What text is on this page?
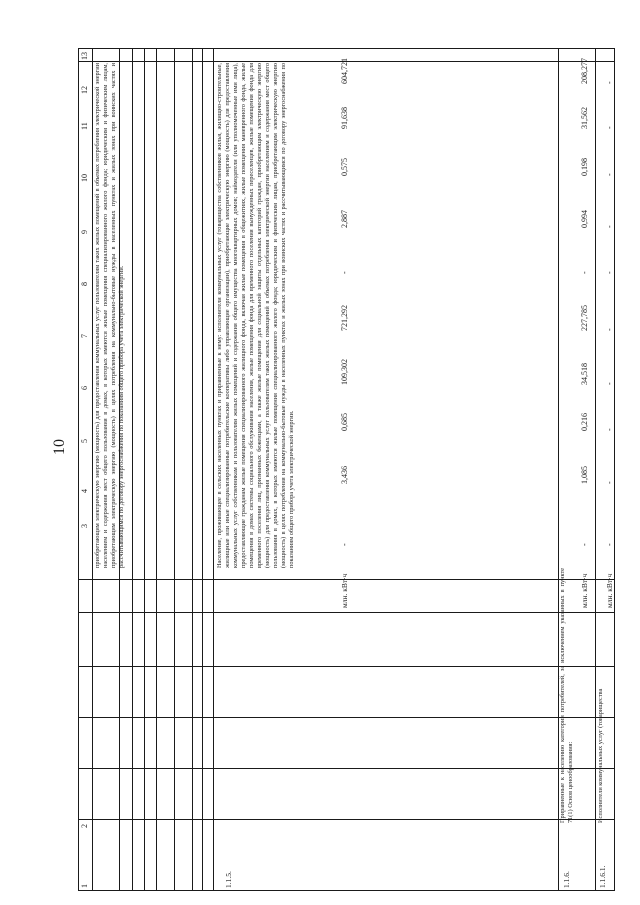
10
1
2
3
4
5
6
7
8
9
10
11
12
13
приобретающим электрическую энергию (мощность) для предоставления коммунальных услуг пользователям таких жилых помещений в объемах потребления электрической энергии населением и содержания мест общего пользования в домах, в которых имеются жилые помещения специализированного жилого фонда; юридическим и физическим лицам, приобретающим электрическую энергию (мощность) в целях потребления на коммунально-бытовые нужды в населенных пунктах и жилых зонах при воинских частях и рассчитывающимся по договору энергоснабжения по показаниям общего прибора учета электрической энергии.
1.1.5.
Население, проживающее в сельских населенных пунктах и приравненные к нему: исполнители коммунальных услуг (товарищества собственников жилья, жилищно-строительные, жилищные или иные специализированные потребительские кооперативы либо управляющие организации), приобретающие электрическую энергию (мощность) для предоставления коммунальных услуг собственникам и пользователям жилых помещений и содержания общего имущества многоквартирных домов; наймодатели (или уполномоченные ими лица), предоставляющие гражданам жилые помещения специализированного жилищного фонда, включая жилые помещения в общежитиях, жилые помещения маневренного фонда, жилые помещения в домах системы социального обслуживания населения, жилые помещения фонда для временного поселения вынужденных переселенцев, жилые помещения фонда для временного поселения лиц, признанных беженцами, а также жилые помещения для социальной защиты отдельных категорий граждан, приобретающим электрическую энергию (мощность) для предоставления коммунальных услуг пользователям таких жилых помещений в объемах потребления электрической энергии населением и содержания мест общего пользования в домах, в которых имеются жилые помещения специализированного жилого фонда; юридическим и физическим лицам, приобретающим электрическую энергию (мощность) в целях потребления на коммунально-бытовые нужды в населенных пунктах и жилых зонах при воинских частях и рассчитывающимся по договору энергоснабжения по показаниям общего прибора учета электрической энергии.
млн. кВт·ч
-
3,436
0,685
109,302
721,292
-
2,887
0,575
91,638
604,721
1.1.6.
Приравненные к населению категории потребителей, за исключением указанных в пункте 71(1) Основ ценообразования:
млн. кВт·ч
-
1,085
0,216
34,518
227,785
-
0,994
0,198
31,562
208,277
1.1.6.1.
Исполнители коммунальных услуг (товарищества
млн. кВт·ч
-
-
-
-
-
-
-
-
-
-
